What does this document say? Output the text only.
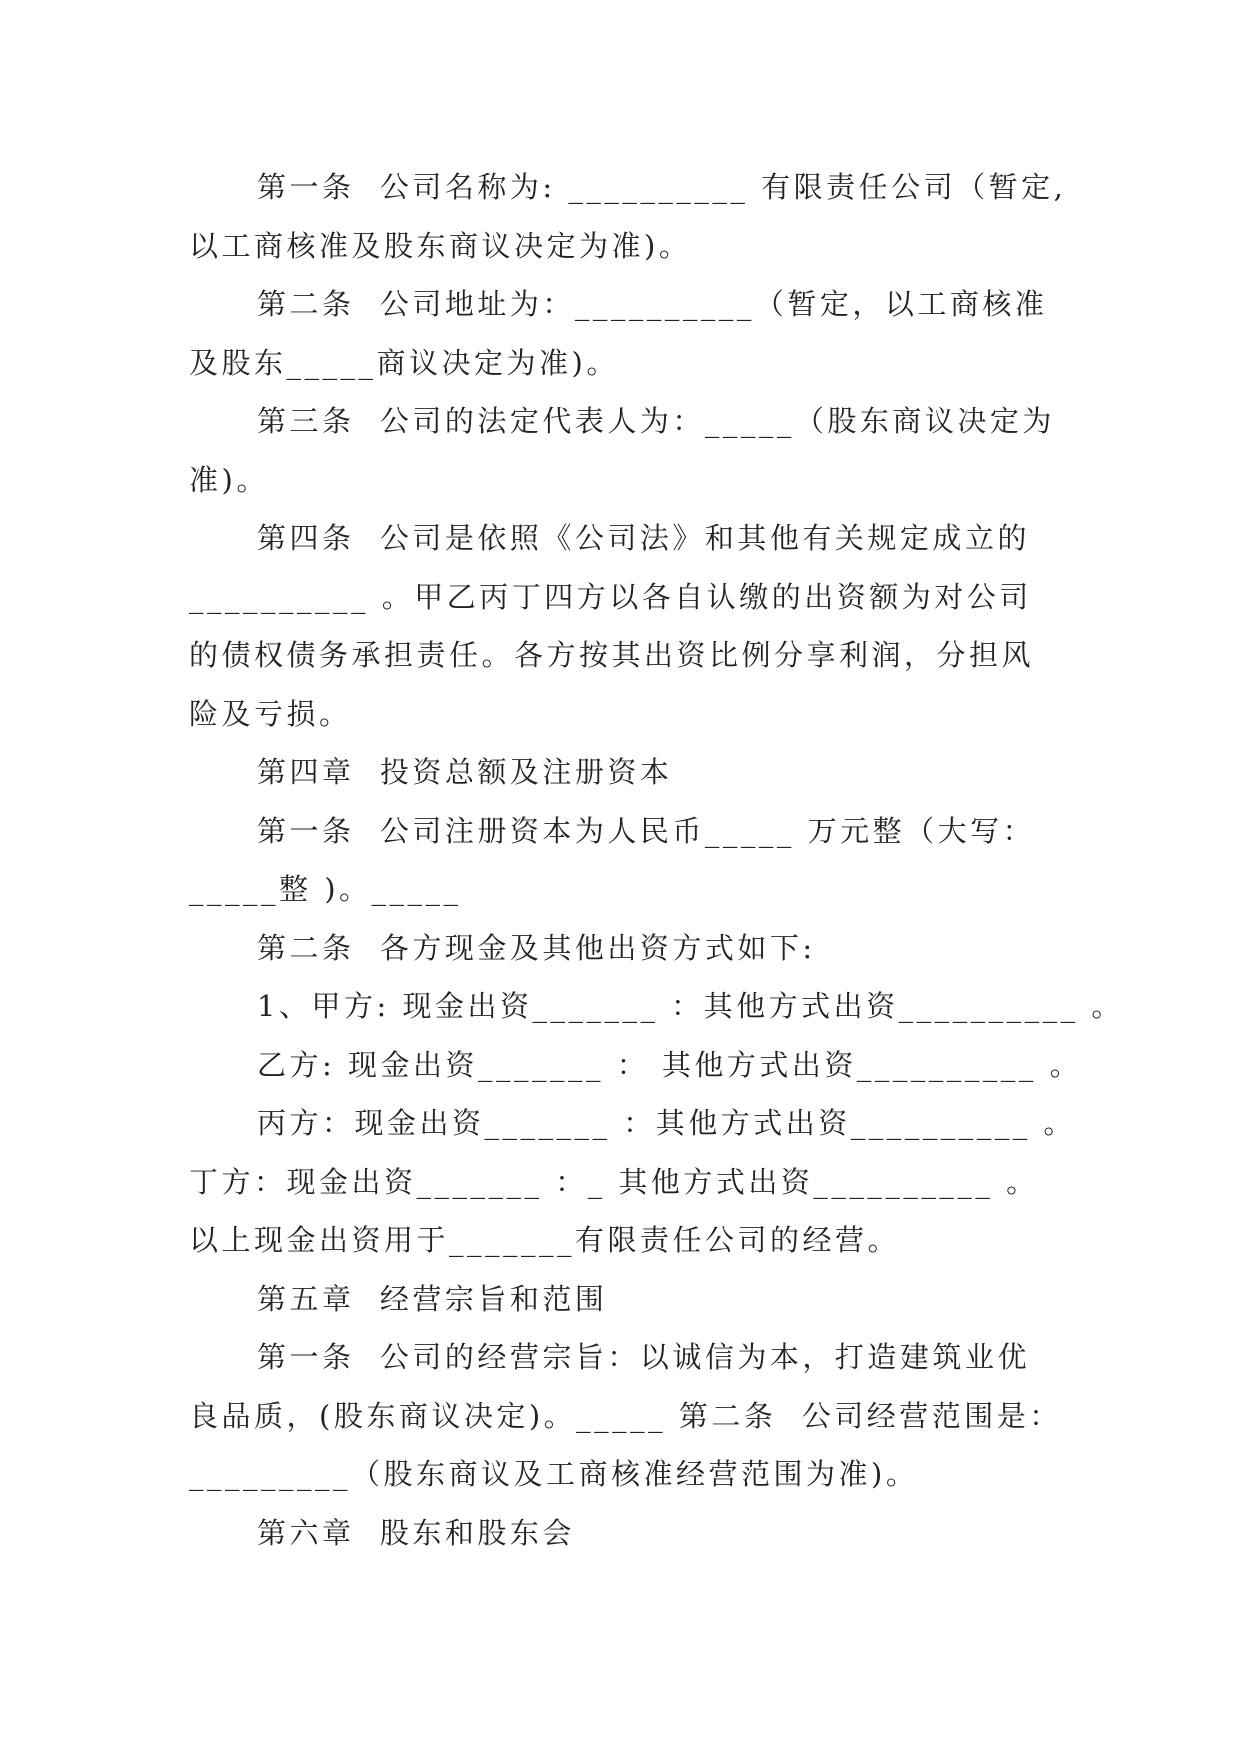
第一条  公司名称为: __________ 有限责任公司（暂定,
以工商核准及股东商议决定为准)。
第二条  公司地址为：__________（暂定，以工商核准
及股东_____商议决定为准)。
第三条  公司的法定代表人为：_____（股东商议决定为
准)。
第四条  公司是依照《公司法》和其他有关规定成立的
__________ 。甲乙丙丁四方以各自认缴的出资额为对公司
的债权债务承担责任。各方按其出资比例分享利润，分担风
险及亏损。
第四章  投资总额及注册资本
第一条  公司注册资本为人民币_____ 万元整（大写：
_____整 )。_____
第二条  各方现金及其他出资方式如下:
1、甲方: 现金出资_______ ：其他方式出资__________ 。
乙方: 现金出资_______ ： 其他方式出资__________ 。
丙方：现金出资_______ ：其他方式出资__________ 。
丁方：现金出资_______ ：_ 其他方式出资__________ 。
以上现金出资用于_______有限责任公司的经营。
第五章  经营宗旨和范围
第一条  公司的经营宗旨：以诚信为本，打造建筑业优
良品质，(股东商议决定)。_____ 第二条  公司经营范围是：
_________（股东商议及工商核准经营范围为准)。
第六章  股东和股东会
